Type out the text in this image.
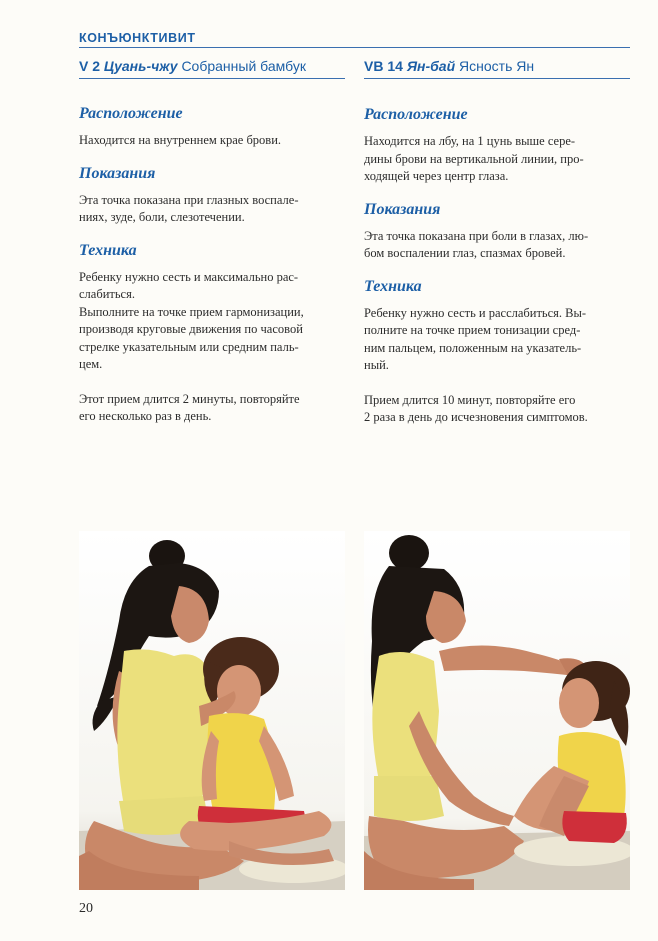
КОНЪЮНКТИВИТ
V 2 Цуань-чжу Собранный бамбук
Расположение

Находится на внутреннем крае брови.

Показания

Эта точка показана при глазных воспале-
ниях, зуде, боли, слезотечении.

Техника

Ребенку нужно сесть и максимально рас-
слабиться.
Выполните на точке прием гармонизации,
производя круговые движения по часовой
стрелке указательным или средним паль-
цем.

Этот прием длится 2 минуты, повторяйте
его несколько раз в день.

VB 14 Ян-бай Ясность Ян
Расположение

Находится на лбу, на 1 цунь выше сере-
дины брови на вертикальной линии, про-
ходящей через центр глаза.

Показания

Эта точка показана при боли в глазах, лю-
бом воспалении глаз, спазмах бровей.

Техника

Ребенку нужно сесть и расслабиться. Вы-
полните на точке прием тонизации сред-
ним пальцем, положенным на указатель-
ный.

Прием длится 10 минут, повторяйте его
2 раза в день до исчезновения симптомов.

20
